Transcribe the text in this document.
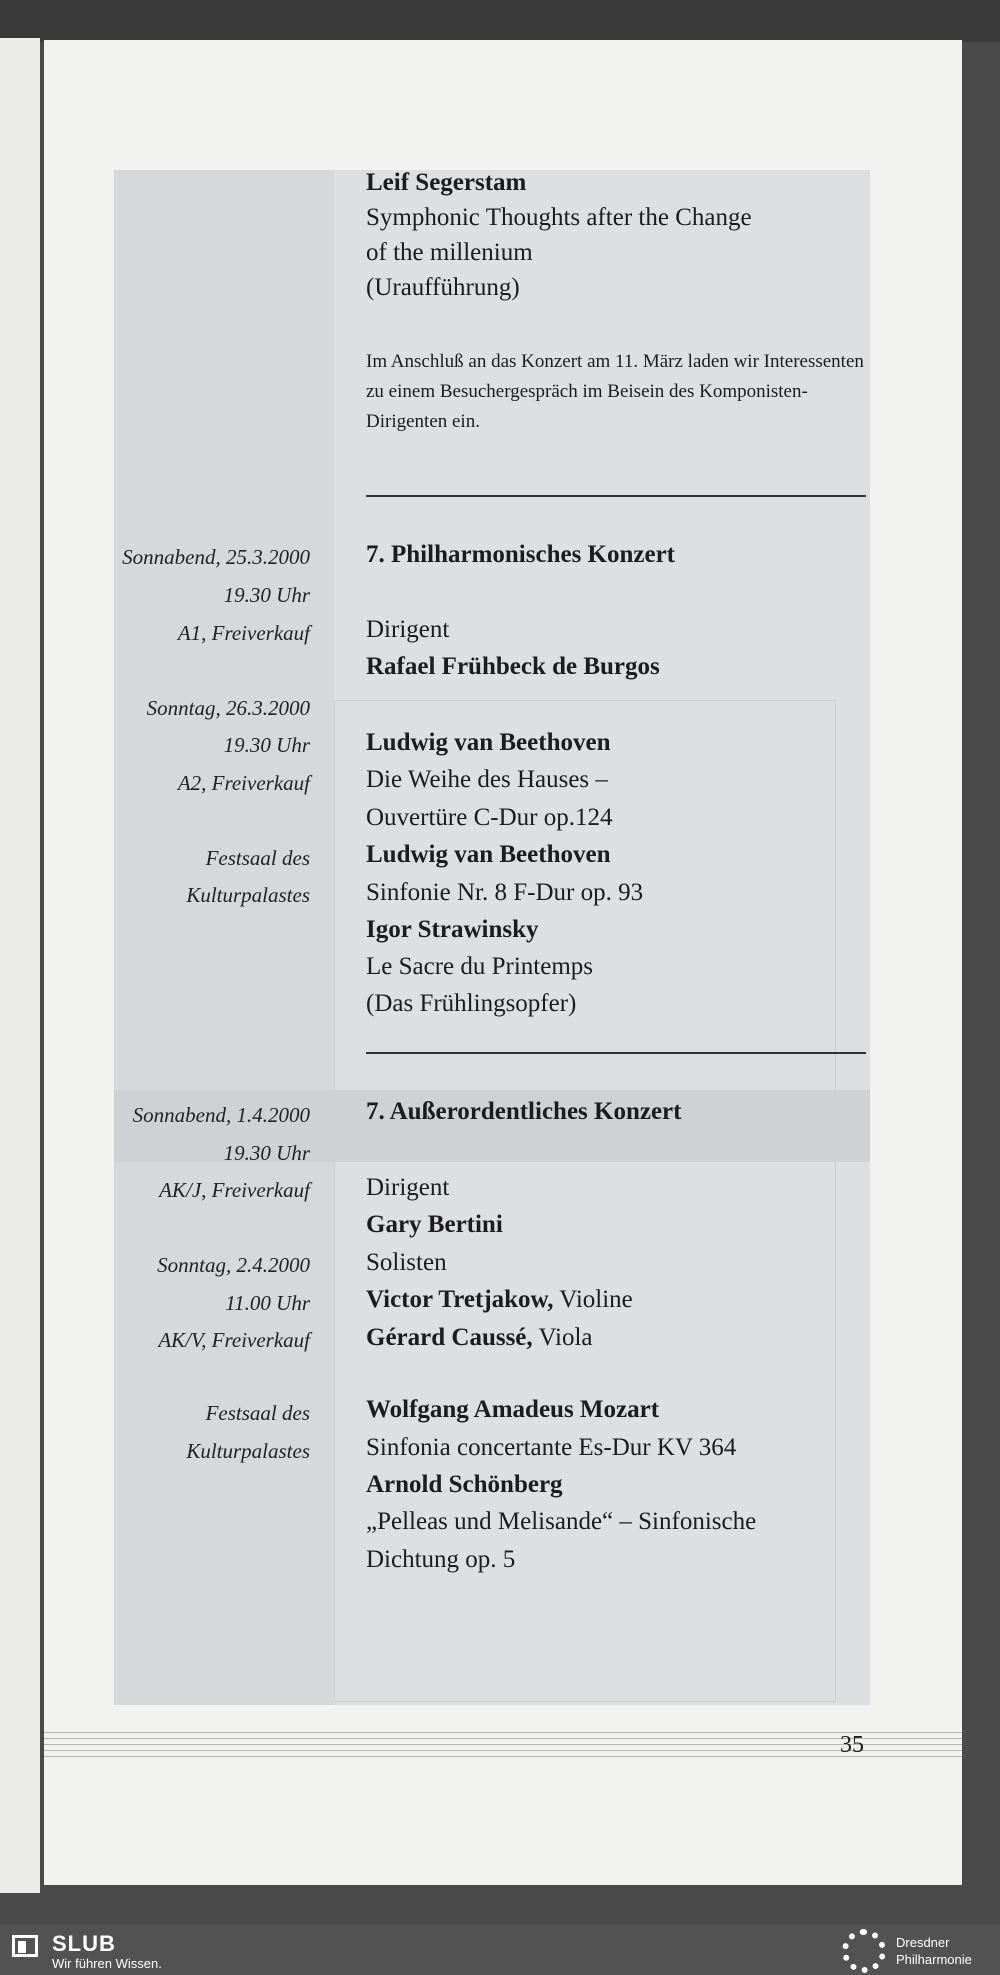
Leif Segerstam
Symphonic Thoughts after the Change
of the millenium
(Uraufführung)
Im Anschluß an das Konzert am 11. März laden wir Interessenten zu einem Besuchergespräch im Beisein des Komponisten-Dirigenten ein.
Sonnabend, 25.3.2000
19.30 Uhr
A1, Freiverkauf
Sonntag, 26.3.2000
19.30 Uhr
A2, Freiverkauf
Festsaal des
Kulturpalastes
7. Philharmonisches Konzert
Dirigent
Rafael Frühbeck de Burgos
Ludwig van Beethoven
Die Weihe des Hauses –
Ouvertüre C-Dur op.124
Ludwig van Beethoven
Sinfonie Nr. 8 F-Dur op. 93
Igor Strawinsky
Le Sacre du Printemps
(Das Frühlingsopfer)
Sonnabend, 1.4.2000
19.30 Uhr
AK/J, Freiverkauf
Sonntag, 2.4.2000
11.00 Uhr
AK/V, Freiverkauf
Festsaal des
Kulturpalastes
7. Außerordentliches Konzert
Dirigent
Gary Bertini
Solisten
Victor Tretjakow, Violine
Gérard Caussé, Viola
Wolfgang Amadeus Mozart
Sinfonia concertante Es-Dur KV 364
Arnold Schönberg
„Pelleas und Melisande“ – Sinfonische
Dichtung op. 5
35
SLUB
Wir führen Wissen.
Dresdner
Philharmonie
